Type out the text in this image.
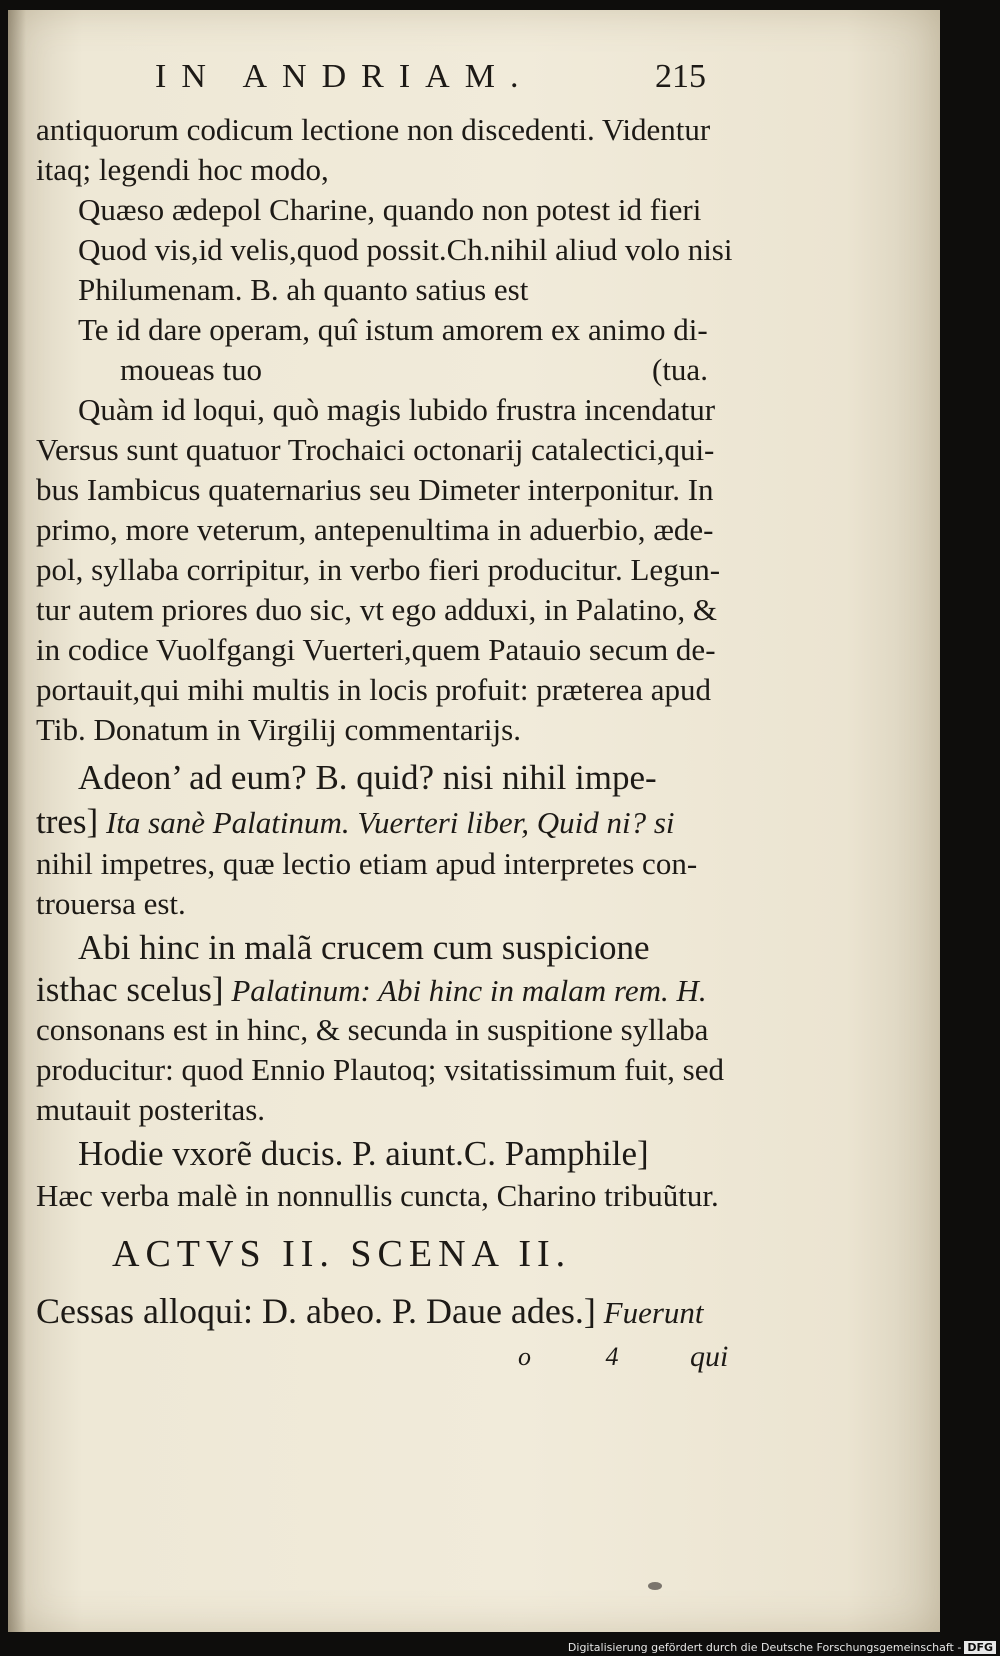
IN ANDRIAM.	215
antiquorum codicum lectione non discedenti. Videntur
itaq; legendi hoc modo,
Quæso ædepol Charine, quando non potest id fieri
Quod vis,id velis,quod possit.Ch.nihil aliud volo nisi
Philumenam. B. ah quanto satius est
Te id dare operam, quî istum amorem ex animo di-
moueas tuo	(tua.
Quàm id loqui, quò magis lubido frustra incendatur
Versus sunt quatuor Trochaici octonarij catalectici,qui-
bus Iambicus quaternarius seu Dimeter interponitur. In
primo, more veterum, antepenultima in aduerbio, æde-
pol, syllaba corripitur, in verbo fieri producitur. Legun-
tur autem priores duo sic, vt ego adduxi, in Palatino, &
in codice Vuolfgangi Vuerteri,quem Patauio secum de-
portauit,qui mihi multis in locis profuit: præterea apud
Tib. Donatum in Virgilij commentarijs.
Adeon’ ad eum? B. quid? nisi nihil impe-
tres] Ita sanè Palatinum. Vuerteri liber, Quid ni? si
nihil impetres, quæ lectio etiam apud interpretes con-
trouersa est.
Abi hinc in malã crucem cum suspicione
isthac scelus] Palatinum: Abi hinc in malam rem. H.
consonans est in hinc, & secunda in suspitione syllaba
producitur: quod Ennio Plautoq; vsitatissimum fuit, sed
mutauit posteritas.
Hodie vxorẽ ducis. P. aiunt.C. Pamphile]
Hæc verba malè in nonnullis cuncta, Charino tribuũtur.
ACTVS II. SCENA II.
Cessas alloqui: D. abeo. P. Daue ades.] Fuerunt
o 4 qui
Digitalisierung gefördert durch die Deutsche Forschungsgemeinschaft - DFG
